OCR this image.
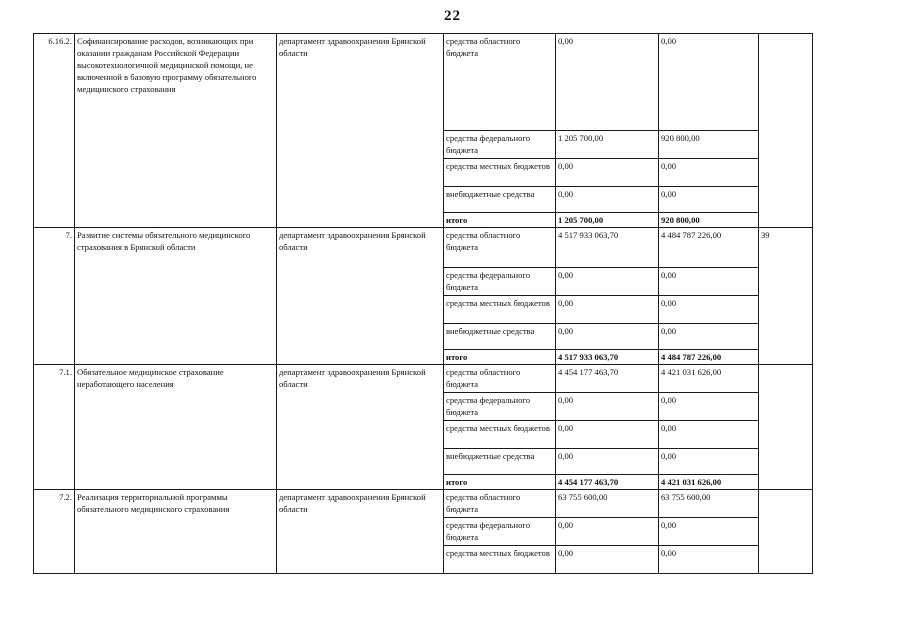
22
6.16.2.	Софинансирование расходов, возникающих при оказании гражданам Российской Федерации высокотехнологичной медицинской помощи, не включенной в базовую программу обязательного медицинского страхования	департамент здравоохранения Брянской области	средства областного бюджета	0,00	0,00	
			средства федерального бюджета	1 205 700,00	920 800,00	
			средства местных бюджетов	0,00	0,00	
			внебюджетные средства	0,00	0,00	
			итого	1 205 700,00	920 800,00	
7.	Развитие системы обязательного медицинского страхования в Брянской области	департамент здравоохранения Брянской области	средства областного бюджета	4 517 933 063,70	4 484 787 226,00	39
			средства федерального бюджета	0,00	0,00	
			средства местных бюджетов	0,00	0,00	
			внебюджетные средства	0,00	0,00	
			итого	4 517 933 063,70	4 484 787 226,00	
7.1.	Обязательное медицинское страхование неработающего населения	департамент здравоохранения Брянской области	средства областного бюджета	4 454 177 463,70	4 421 031 626,00	
			средства федерального бюджета	0,00	0,00	
			средства местных бюджетов	0,00	0,00	
			внебюджетные средства	0,00	0,00	
			итого	4 454 177 463,70	4 421 031 626,00	
7.2.	Реализация территориальной программы обязательного медицинского страхования	департамент здравоохранения Брянской области	средства областного бюджета	63 755 600,00	63 755 600,00	
			средства федерального бюджета	0,00	0,00	
			средства местных бюджетов	0,00	0,00	
